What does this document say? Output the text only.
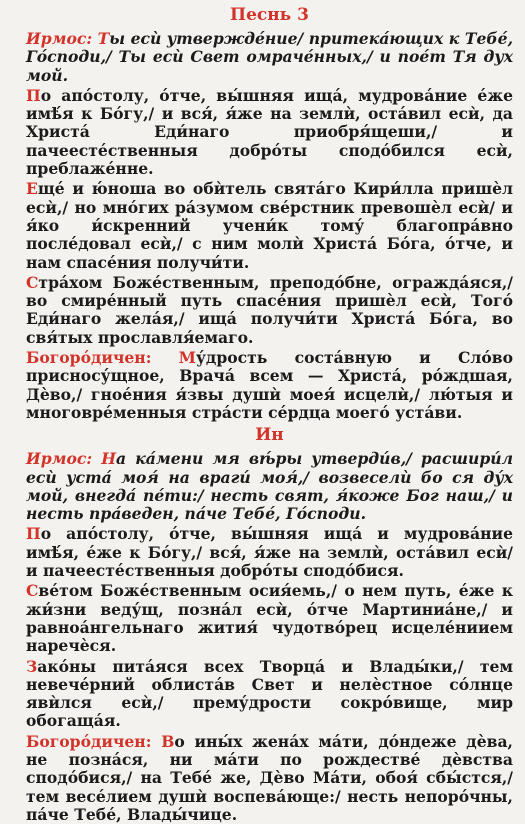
Песнь 3

Ирмос: Ты есѝ утвержде́ние/ притека́ющих к Тебе́, Го́споди,/ Ты есѝ Свет омраче́нных,/ и пое́т Тя дух мой.

По апо́столу, о́тче, вы́шняя ища́, мудрова́ние е́же имѣ́я к Бо́гу,/ и вся́, я́же на землѝ, оста́вил есѝ, да Христа́ Еди́наго приобря́щеши,/ и пачеесте́ственныя добро́ты сподо́бился есѝ, преблаже́нне.

Еще́ и ю́ноша во обѝтель свята́го Кири́лла пришѐл есѝ,/ но мно́гих ра́зумом све́рстник превошѐл есѝ/ и я́ко и́скренний учени́к тому́ благопра́вно после́довал есѝ,/ с ним молѝ Христа́ Бо́га, о́тче, и нам спасе́ния получи́ти.

Стра́хом Боже́ственным, преподо́бне, огражда́яся,/ во смире́нный путь спасе́ния пришѐл есѝ, Того́ Еди́наго жела́я,/ ища́ получи́ти Христа́ Бо́га, во свя́тых прославля́емаго.

Богоро́дичен: Му́дрость соста́вную и Сло́во присносу́щное, Врача́ всем — Христа́, ро́ждшая, Дѐво,/ гное́ния я́звы душѝ моея́ исцелѝ,/ лю́тыя и многовре́менныя стра́сти се́рдца моего́ уста́ви.

Ин

Ирмос: На ка́мени мя вѣ́ры утверди́в,/ расшири́л есѝ уста́ моя́ на враги́ моя́,/ возвеселѝ бо ся ду́х мой, внегда́ пе́ти:/ несть свят, я́коже Бог наш,/ и несть пра́веден, па́че Тебе́, Го́споди.

По апо́столу, о́тче, вы́шняя ища́ и мудрова́ние имѣ́я, е́же к Бо́гу,/ вся́, я́же на землѝ, оста́вил есѝ/ и пачеесте́ственныя добро́ты сподо́бися.

Све́том Боже́ственным осия́емь,/ о нем путь, е́же к жи́зни веду́щ, позна́л есѝ, о́тче Мартиниа́не,/ и равноа́нгельнаго жития́ чудотво́рец исцеле́ниием наречѐся.

Зако́ны пита́яся всех Творца́ и Влады́ки,/ тем невече́рний облиста́в Свет и нелѐстное со́лнце явѝлся есѝ,/ прему́дрости сокро́вище, мир обогаща́я.

Богоро́дичен: Во ины́х жена́х ма́ти, до́ндеже дѐва, не позна́ся, ни ма́ти по рождестве́ дѐвства сподо́бися,/ на Тебе́ же, Дѐво Ма́ти, обоя́ сбы́стся,/ тем весе́лием душѝ воспева́юще:/ несть непоро́чны, па́че Тебе́, Влады́чице.
